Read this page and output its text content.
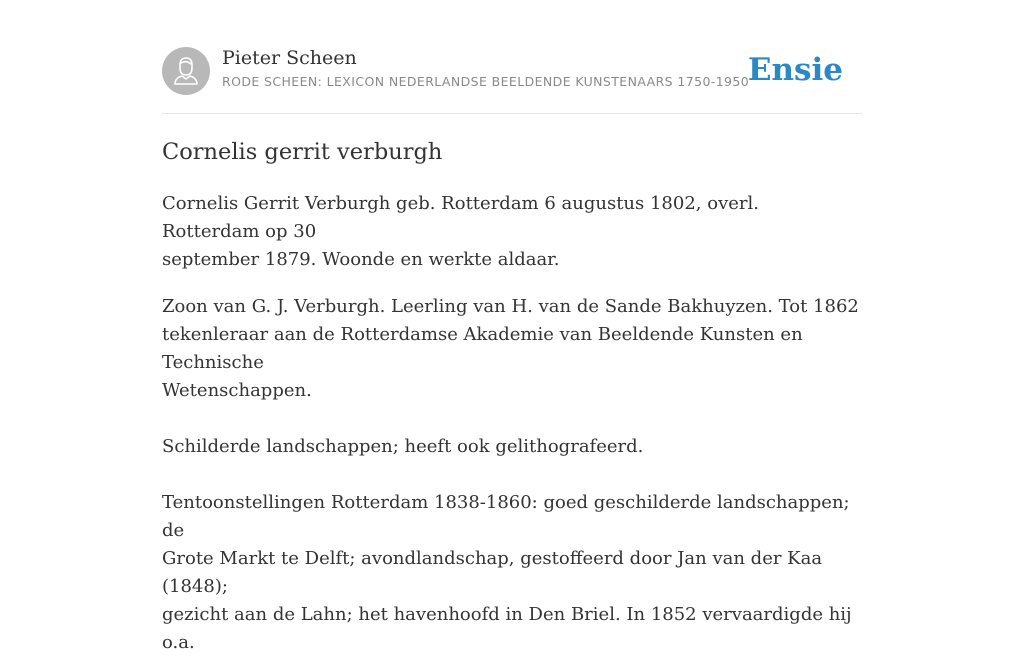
Pieter Scheen
RODE SCHEEN: LEXICON NEDERLANDSE BEELDENDE KUNSTENAARS 1750-1950
Ensie
Cornelis gerrit verburgh

Cornelis Gerrit Verburgh geb. Rotterdam 6 augustus 1802, overl. Rotterdam op 30
september 1879. Woonde en werkte aldaar.

Zoon van G. J. Verburgh. Leerling van H. van de Sande Bakhuyzen. Tot 1862
tekenleraar aan de Rotterdamse Akademie van Beeldende Kunsten en Technische
Wetenschappen.

Schilderde landschappen; heeft ook gelithografeerd.

Tentoonstellingen Rotterdam 1838-1860: goed geschilderde landschappen; de
Grote Markt te Delft; avondlandschap, gestoffeerd door Jan van der Kaa (1848);
gezicht aan de Lahn; het havenhoofd in Den Briel. In 1852 vervaardigde hij o.a.
